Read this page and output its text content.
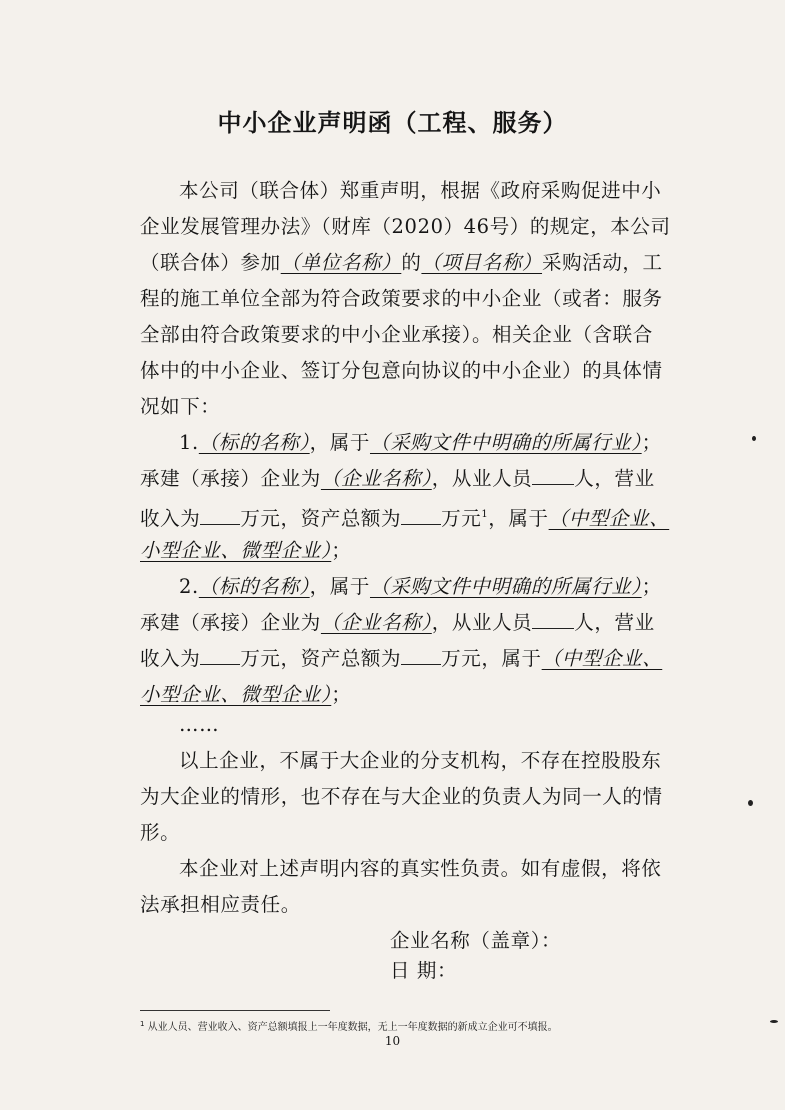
中小企业声明函（工程、服务）
本公司（联合体）郑重声明，根据《政府采购促进中小
企业发展管理办法》（财库（2020）46号）的规定，本公司
（联合体）参加（单位名称）的（项目名称）采购活动，工
程的施工单位全部为符合政策要求的中小企业（或者：服务
全部由符合政策要求的中小企业承接）。相关企业（含联合
体中的中小企业、签订分包意向协议的中小企业）的具体情
况如下：
1.（标的名称），属于（采购文件中明确的所属行业）；
承建（承接）企业为（企业名称），从业人员 人，营业
收入为 万元，资产总额为 万元$^1$，属于（中型企业、
小型企业、微型企业）；
2.（标的名称），属于（采购文件中明确的所属行业）；
承建（承接）企业为（企业名称），从业人员 人，营业
收入为 万元，资产总额为 万元，属于（中型企业、
小型企业、微型企业）；
……
以上企业，不属于大企业的分支机构，不存在控股股东
为大企业的情形，也不存在与大企业的负责人为同一人的情
形。
本企业对上述声明内容的真实性负责。如有虚假，将依
法承担相应责任。
企业名称（盖章）：
日 期：
$^1$ 从业人员、营业收入、资产总额填报上一年度数据，无上一年度数据的新成立企业可不填报。
10
